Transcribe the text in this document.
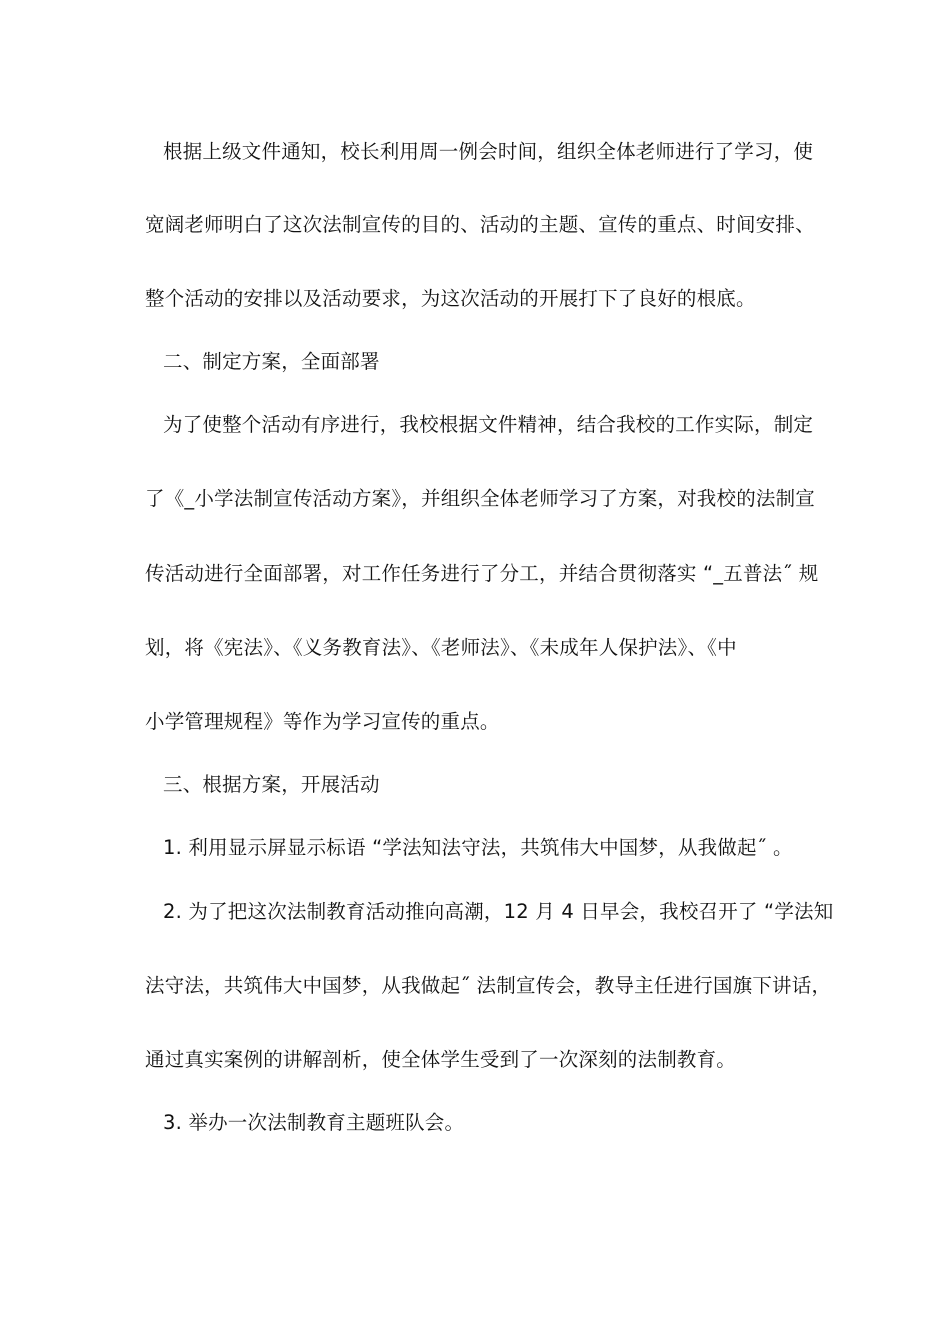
根据上级文件通知，校长利用周一例会时间，组织全体老师进行了学习，使
宽阔老师明白了这次法制宣传的目的、活动的主题、宣传的重点、时间安排、
整个活动的安排以及活动要求，为这次活动的开展打下了良好的根底。
二、制定方案，全面部署
为了使整个活动有序进行，我校根据文件精神，结合我校的工作实际，制定
了《_小学法制宣传活动方案》，并组织全体老师学习了方案，对我校的法制宣
传活动进行全面部署，对工作任务进行了分工，并结合贯彻落实 “_五普法˝ 规
划，将《宪法》、《义务教育法》、《老师法》、《未成年人保护法》、《中
小学管理规程》等作为学习宣传的重点。
三、根据方案，开展活动
1. 利用显示屏显示标语 “学法知法守法，共筑伟大中国梦，从我做起˝ 。
2. 为了把这次法制教育活动推向高潮，12 月 4 日早会，我校召开了 “学法知
法守法，共筑伟大中国梦，从我做起˝ 法制宣传会，教导主任进行国旗下讲话，
通过真实案例的讲解剖析，使全体学生受到了一次深刻的法制教育。
3. 举办一次法制教育主题班队会。
